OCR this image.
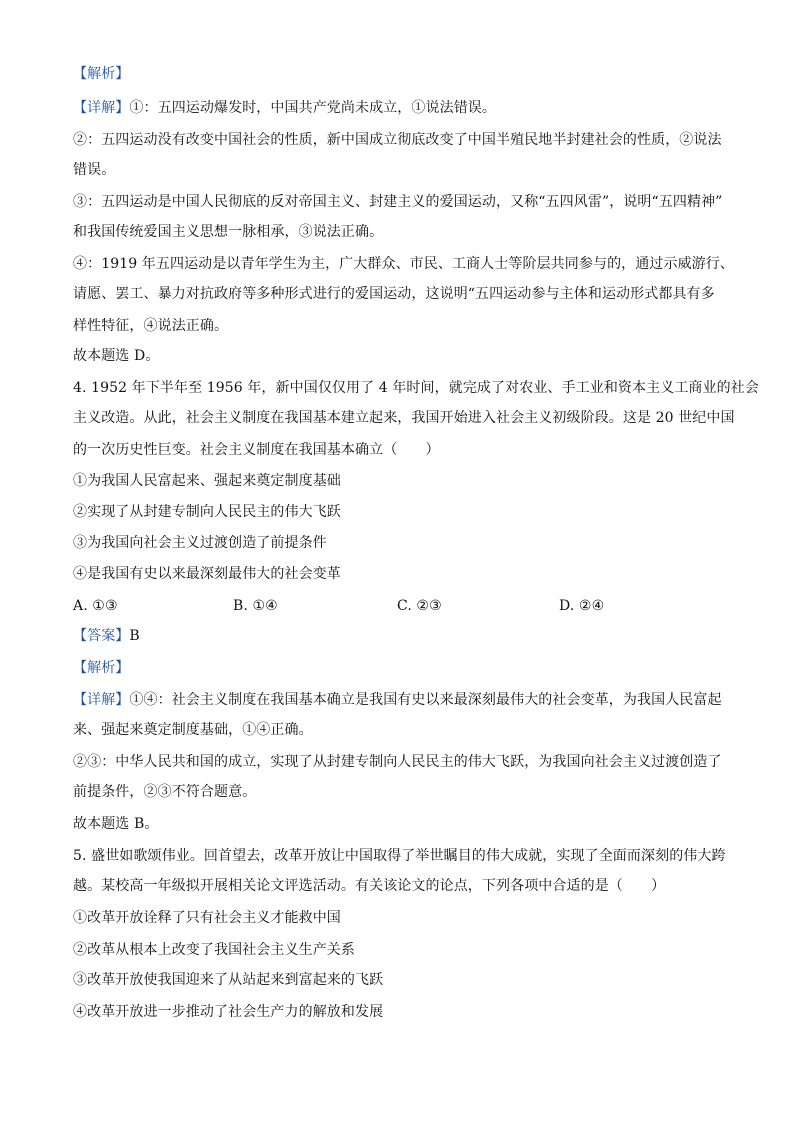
【解析】
【详解】①：五四运动爆发时，中国共产党尚未成立，①说法错误。
②：五四运动没有改变中国社会的性质，新中国成立彻底改变了中国半殖民地半封建社会的性质，②说法
错误。
③：五四运动是中国人民彻底的反对帝国主义、封建主义的爱国运动，又称“五四风雷”，说明“五四精神”
和我国传统爱国主义思想一脉相承，③说法正确。
④：1919 年五四运动是以青年学生为主，广大群众、市民、工商人士等阶层共同参与的，通过示威游行、
请愿、罢工、暴力对抗政府等多种形式进行的爱国运动，这说明“五四运动参与主体和运动形式都具有多
样性特征，④说法正确。
故本题选 D。
4. 1952 年下半年至 1956 年，新中国仅仅用了 4 年时间，就完成了对农业、手工业和资本主义工商业的社会
主义改造。从此，社会主义制度在我国基本建立起来，我国开始进入社会主义初级阶段。这是 20 世纪中国
的一次历史性巨变。社会主义制度在我国基本确立（　　）
①为我国人民富起来、强起来奠定制度基础
②实现了从封建专制向人民民主的伟大飞跃
③为我国向社会主义过渡创造了前提条件
④是我国有史以来最深刻最伟大的社会变革
A. ①③	B. ①④	C. ②③	D. ②④
【答案】B
【解析】
【详解】①④：社会主义制度在我国基本确立是我国有史以来最深刻最伟大的社会变革，为我国人民富起
来、强起来奠定制度基础，①④正确。
②③：中华人民共和国的成立，实现了从封建专制向人民民主的伟大飞跃，为我国向社会主义过渡创造了
前提条件，②③不符合题意。
故本题选 B。
5. 盛世如歌颂伟业。回首望去，改革开放让中国取得了举世瞩目的伟大成就，实现了全面而深刻的伟大跨
越。某校高一年级拟开展相关论文评选活动。有关该论文的论点，下列各项中合适的是（　　）
①改革开放诠释了只有社会主义才能救中国
②改革从根本上改变了我国社会主义生产关系
③改革开放使我国迎来了从站起来到富起来的飞跃
④改革开放进一步推动了社会生产力的解放和发展
